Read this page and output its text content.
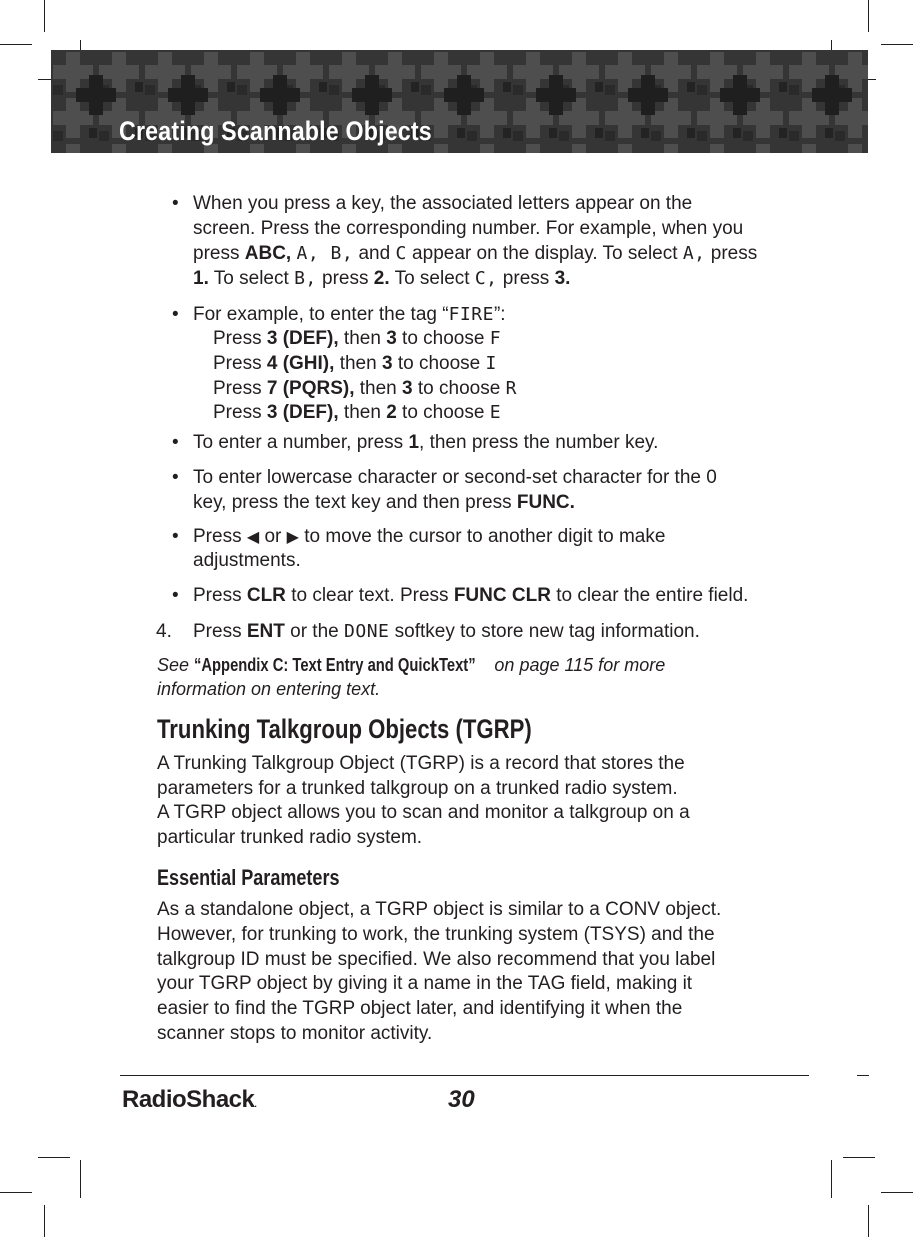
Creating Scannable Objects
• When you press a key, the associated letters appear on the
screen. Press the corresponding number. For example, when you
press ABC, A, B, and C appear on the display. To select A, press
1. To select B, press 2. To select C, press 3.
• For example, to enter the tag “FIRE”:
Press 3 (DEF), then 3 to choose F
Press 4 (GHI), then 3 to choose I
Press 7 (PQRS), then 3 to choose R
Press 3 (DEF), then 2 to choose E
• To enter a number, press 1, then press the number key.
• To enter lowercase character or second-set character for the 0
key, press the text key and then press FUNC.
• Press ◀ or ▶ to move the cursor to another digit to make
adjustments.
• Press CLR to clear text. Press FUNC CLR to clear the entire field.
4. Press ENT or the DONE softkey to store new tag information.
See “Appendix C: Text Entry and QuickText” on page 115 for more
information on entering text.
Trunking Talkgroup Objects (TGRP)
A Trunking Talkgroup Object (TGRP) is a record that stores the
parameters for a trunked talkgroup on a trunked radio system.
A TGRP object allows you to scan and monitor a talkgroup on a
particular trunked radio system.
Essential Parameters
As a standalone object, a TGRP object is similar to a CONV object.
However, for trunking to work, the trunking system (TSYS) and the
talkgroup ID must be specified. We also recommend that you label
your TGRP object by giving it a name in the TAG field, making it
easier to find the TGRP object later, and identifying it when the
scanner stops to monitor activity.
RadioShack.	30
